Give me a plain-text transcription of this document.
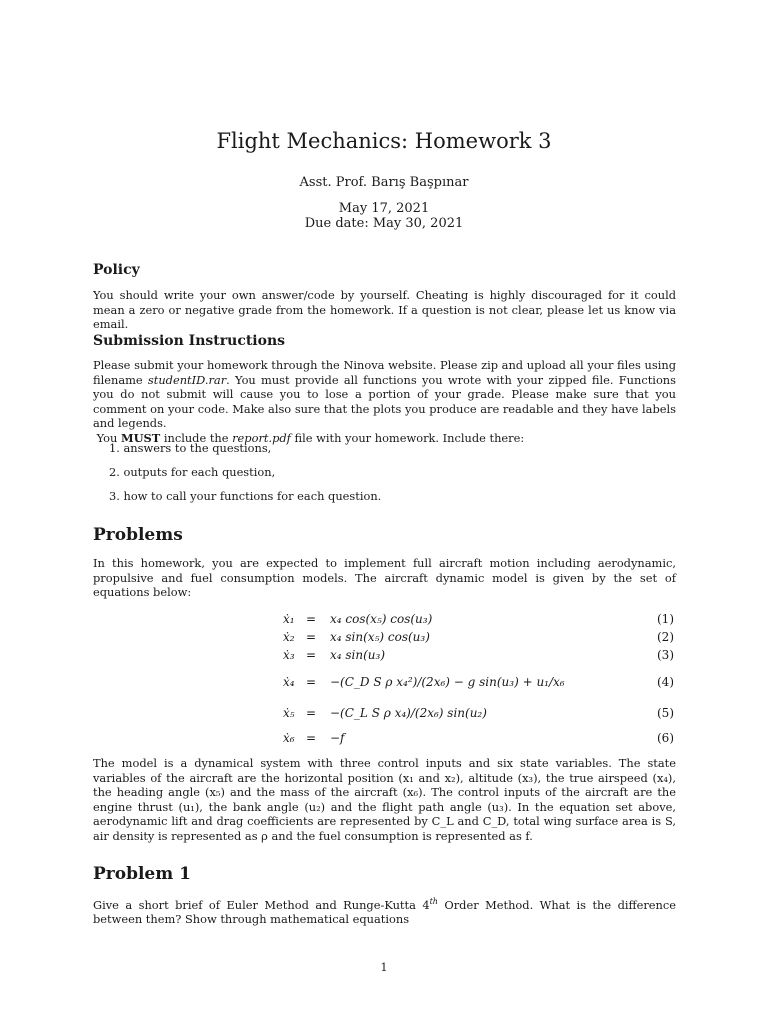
Flight Mechanics: Homework 3
Asst. Prof. Barış Başpınar
May 17, 2021
Due date: May 30, 2021
Policy
You should write your own answer/code by yourself. Cheating is highly discouraged for it could mean a zero or negative grade from the homework. If a question is not clear, please let us know via email.
Submission Instructions
Please submit your homework through the Ninova website. Please zip and upload all your files using filename studentID.rar. You must provide all functions you wrote with your zipped file. Functions you do not submit will cause you to lose a portion of your grade. Please make sure that you comment on your code. Make also sure that the plots you produce are readable and they have labels and legends.
You MUST include the report.pdf file with your homework. Include there:
1. answers to the questions,
2. outputs for each question,
3. how to call your functions for each question.
Problems
In this homework, you are expected to implement full aircraft motion including aerodynamic, propulsive and fuel consumption models. The aircraft dynamic model is given by the set of equations below:
ẋ₁ = x₄ cos(x₅) cos(u₃)	(1)
ẋ₂ = x₄ sin(x₅) cos(u₃)	(2)
ẋ₃ = x₄ sin(u₃)	(3)
ẋ₄ = −(C_D S ρ x₄²)/(2x₆) − g sin(u₃) + u₁/x₆	(4)
ẋ₅ = −(C_L S ρ x₄)/(2x₆) sin(u₂)	(5)
ẋ₆ = −f	(6)
The model is a dynamical system with three control inputs and six state variables. The state variables of the aircraft are the horizontal position (x₁ and x₂), altitude (x₃), the true airspeed (x₄), the heading angle (x₅) and the mass of the aircraft (x₆). The control inputs of the aircraft are the engine thrust (u₁), the bank angle (u₂) and the flight path angle (u₃). In the equation set above, aerodynamic lift and drag coefficients are represented by C_L and C_D, total wing surface area is S, air density is represented as ρ and the fuel consumption is represented as f.
Problem 1
Give a short brief of Euler Method and Runge-Kutta 4th Order Method. What is the difference between them? Show through mathematical equations
1
